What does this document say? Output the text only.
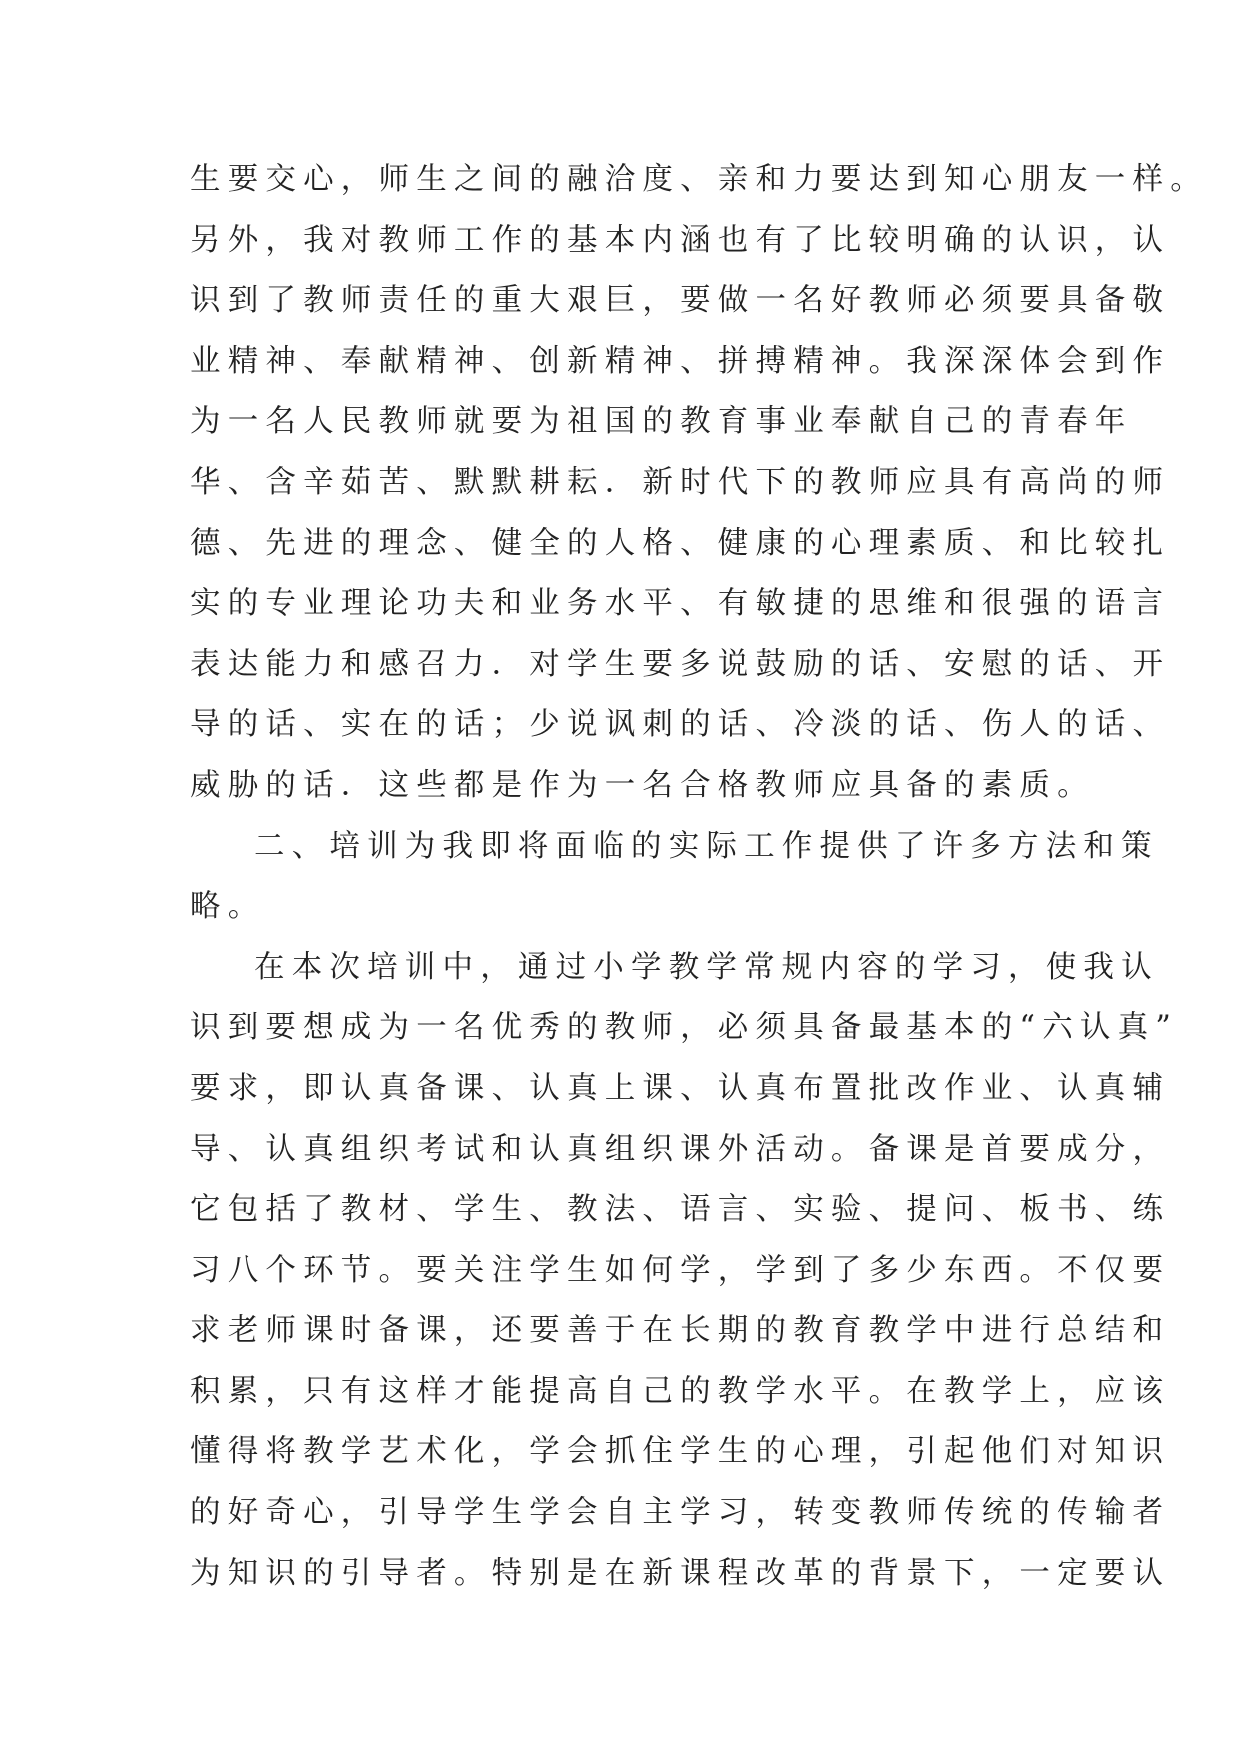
生要交心，师生之间的融洽度、亲和力要达到知心朋友一样。
另外，我对教师工作的基本内涵也有了比较明确的认识，认
识到了教师责任的重大艰巨，要做一名好教师必须要具备敬
业精神、奉献精神、创新精神、拼搏精神。我深深体会到作
为一名人民教师就要为祖国的教育事业奉献自己的青春年
华、含辛茹苦、默默耕耘．新时代下的教师应具有高尚的师
德、先进的理念、健全的人格、健康的心理素质、和比较扎
实的专业理论功夫和业务水平、有敏捷的思维和很强的语言
表达能力和感召力．对学生要多说鼓励的话、安慰的话、开
导的话、实在的话；少说讽刺的话、冷淡的话、伤人的话、
威胁的话．这些都是作为一名合格教师应具备的素质。
二、培训为我即将面临的实际工作提供了许多方法和策
略。
在本次培训中，通过小学教学常规内容的学习，使我认
识到要想成为一名优秀的教师，必须具备最基本的“六认真”
要求，即认真备课、认真上课、认真布置批改作业、认真辅
导、认真组织考试和认真组织课外活动。备课是首要成分，
它包括了教材、学生、教法、语言、实验、提问、板书、练
习八个环节。要关注学生如何学，学到了多少东西。不仅要
求老师课时备课，还要善于在长期的教育教学中进行总结和
积累，只有这样才能提高自己的教学水平。在教学上，应该
懂得将教学艺术化，学会抓住学生的心理，引起他们对知识
的好奇心，引导学生学会自主学习，转变教师传统的传输者
为知识的引导者。特别是在新课程改革的背景下，一定要认
